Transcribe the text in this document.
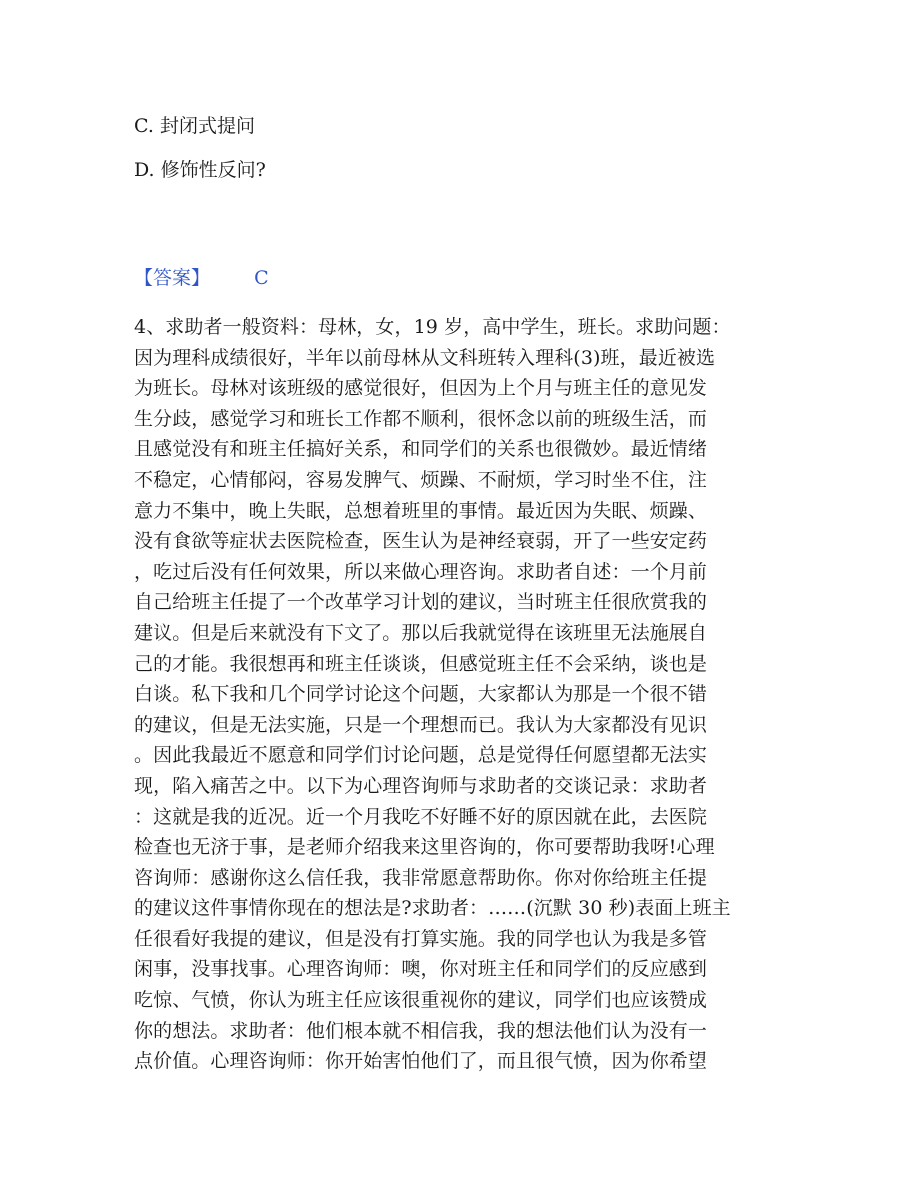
C. 封闭式提问
D. 修饰性反问?
【答案】 C
4、求助者一般资料：母林，女，19 岁，高中学生，班长。求助问题：
因为理科成绩很好，半年以前母林从文科班转入理科(3)班，最近被选
为班长。母林对该班级的感觉很好，但因为上个月与班主任的意见发
生分歧，感觉学习和班长工作都不顺利，很怀念以前的班级生活，而
且感觉没有和班主任搞好关系，和同学们的关系也很微妙。最近情绪
不稳定，心情郁闷，容易发脾气、烦躁、不耐烦，学习时坐不住，注
意力不集中，晚上失眠，总想着班里的事情。最近因为失眠、烦躁、
没有食欲等症状去医院检查，医生认为是神经衰弱，开了一些安定药
，吃过后没有任何效果，所以来做心理咨询。求助者自述：一个月前
自己给班主任提了一个改革学习计划的建议，当时班主任很欣赏我的
建议。但是后来就没有下文了。那以后我就觉得在该班里无法施展自
己的才能。我很想再和班主任谈谈，但感觉班主任不会采纳，谈也是
白谈。私下我和几个同学讨论这个问题，大家都认为那是一个很不错
的建议，但是无法实施，只是一个理想而已。我认为大家都没有见识
。因此我最近不愿意和同学们讨论问题，总是觉得任何愿望都无法实
现，陷入痛苦之中。以下为心理咨询师与求助者的交谈记录：求助者
：这就是我的近况。近一个月我吃不好睡不好的原因就在此，去医院
检查也无济于事，是老师介绍我来这里咨询的，你可要帮助我呀!心理
咨询师：感谢你这么信任我，我非常愿意帮助你。你对你给班主任提
的建议这件事情你现在的想法是?求助者：……(沉默 30 秒)表面上班主
任很看好我提的建议，但是没有打算实施。我的同学也认为我是多管
闲事，没事找事。心理咨询师：噢，你对班主任和同学们的反应感到
吃惊、气愤，你认为班主任应该很重视你的建议，同学们也应该赞成
你的想法。求助者：他们根本就不相信我，我的想法他们认为没有一
点价值。心理咨询师：你开始害怕他们了，而且很气愤，因为你希望
